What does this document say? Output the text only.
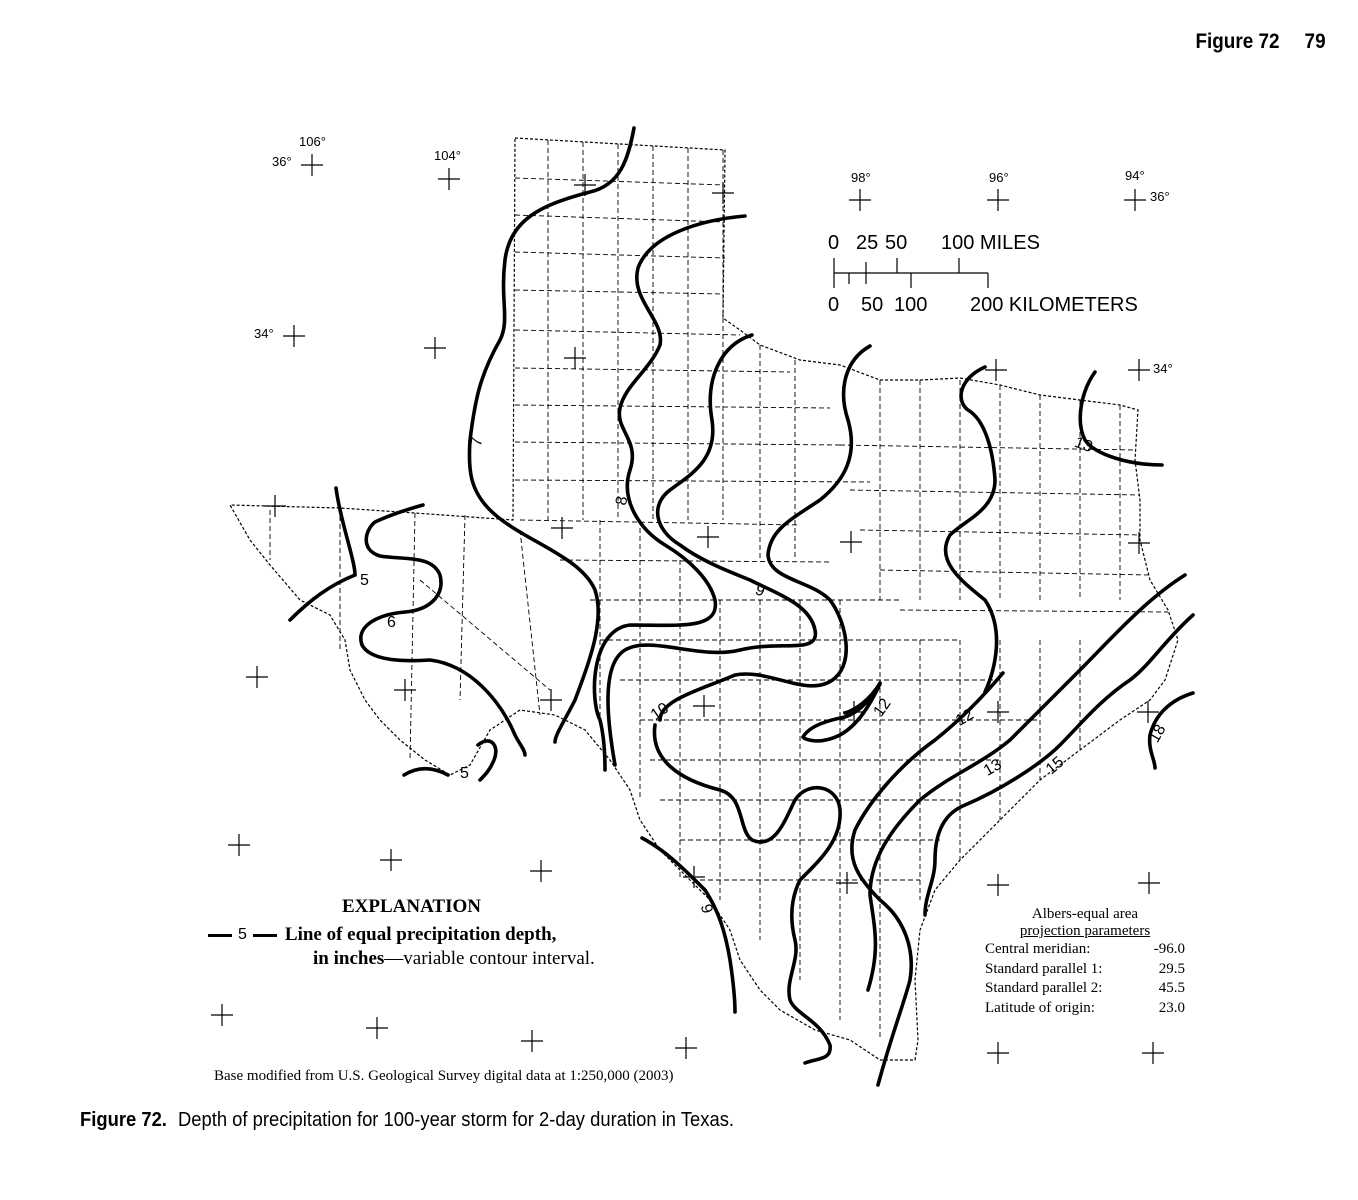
Figure 72 79
106°
36°	104°
98°	96°	94°
36°
34°
34°
5
5
6
7
8
9
9
10	12	12
13
13 15
18
0 25 50 100 MILES
0 50 100 200 KILOMETERS
EXPLANATION
5 Line of equal precipitation depth,
in inches—variable contour interval.
Albers-equal area
projection parameters
Central meridian:	-96.0
Standard parallel 1:	29.5
Standard parallel 2:	45.5
Latitude of origin:	23.0
Base modified from U.S. Geological Survey digital data at 1:250,000 (2003)
Figure 72. Depth of precipitation for 100-year storm for 2-day duration in Texas.
